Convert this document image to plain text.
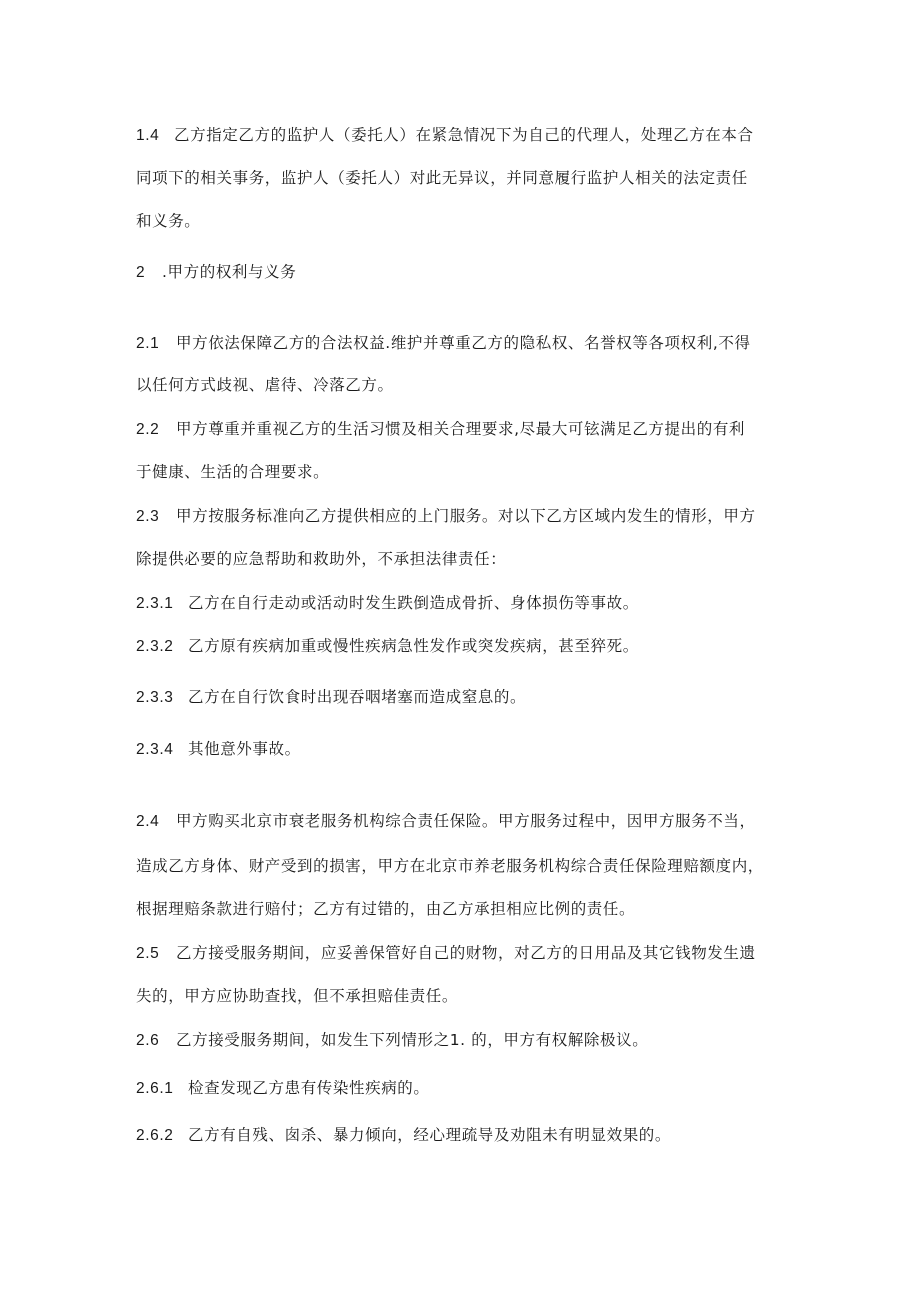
1.4 乙方指定乙方的监护人（委托人）在紧急情况下为自己的代理人，处理乙方在本合
同项下的相关事务，监护人（委托人）对此无异议，并同意履行监护人相关的法定责任
和义务。
2 .甲方的权利与义务
2.1 甲方依法保障乙方的合法权益.维护并尊重乙方的隐私权、名誉权等各项权利,不得
以任何方式歧视、虐待、冷落乙方。
2.2 甲方尊重并重视乙方的生活习惯及相关合理要求,尽最大可铉满足乙方提出的有利
于健康、生活的合理要求。
2.3 甲方按服务标准向乙方提供相应的上门服务。对以下乙方区域内发生的情形，甲方
除提供必要的应急帮助和救助外，不承担法律责任：
2.3.1 乙方在自行走动或活动时发生跌倒造成骨折、身体损伤等事故。
2.3.2 乙方原有疾病加重或慢性疾病急性发作或突发疾病，甚至猝死。
2.3.3 乙方在自行饮食时出现吞咽堵塞而造成窒息的。
2.3.4 其他意外事故。
2.4 甲方购买北京市衰老服务机构综合责任保险。甲方服务过程中，因甲方服务不当，
造成乙方身体、财产受到的损害，甲方在北京市养老服务机构综合责任保险理赔额度内，
根据理赔条款进行赔付；乙方有过错的，由乙方承担相应比例的责任。
2.5 乙方接受服务期间，应妥善保管好自己的财物，对乙方的日用品及其它钱物发生遗
失的，甲方应协助查找，但不承担赔佳责任。
2.6 乙方接受服务期间，如发生下列情形之1. 的，甲方有权解除极议。
2.6.1 检查发现乙方患有传染性疾病的。
2.6.2 乙方有自残、囱杀、暴力倾向，经心理疏导及劝阻未有明显效果的。
